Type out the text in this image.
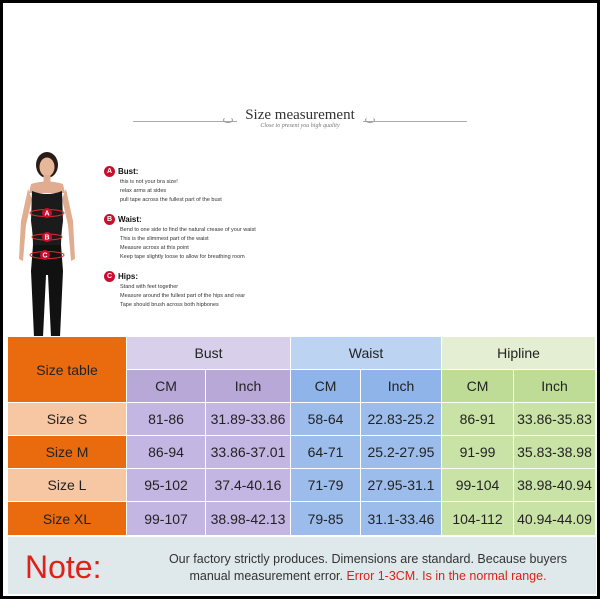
Size measurement
Close to present you high quality
A
B
C
A Bust:
this is not your bra size!
relax arms at sides
pull tape across the fullest part of the bust
B Waist:
Bend to one side to find the natural crease of your waist
This is the slimmest part of the waist
Measure across at this point
Keep tape slightly loose to allow for breathing room
C Hips:
Stand with feet together
Measure around the fullest part of the hips and rear
Tape should brush across both hipbones
Size table
Bust	Waist	Hipline
CM	Inch	CM	Inch	CM	Inch
Size S	81-86	31.89-33.86	58-64	22.83-25.2	86-91	33.86-35.83
Size M	86-94	33.86-37.01	64-71	25.2-27.95	91-99	35.83-38.98
Size L	95-102	37.4-40.16	71-79	27.95-31.1	99-104	38.98-40.94
Size XL	99-107	38.98-42.13	79-85	31.1-33.46	104-112	40.94-44.09
Note:	Our factory strictly produces. Dimensions are standard. Because buyers
manual measurement error. Error 1-3CM. Is in the normal range.
